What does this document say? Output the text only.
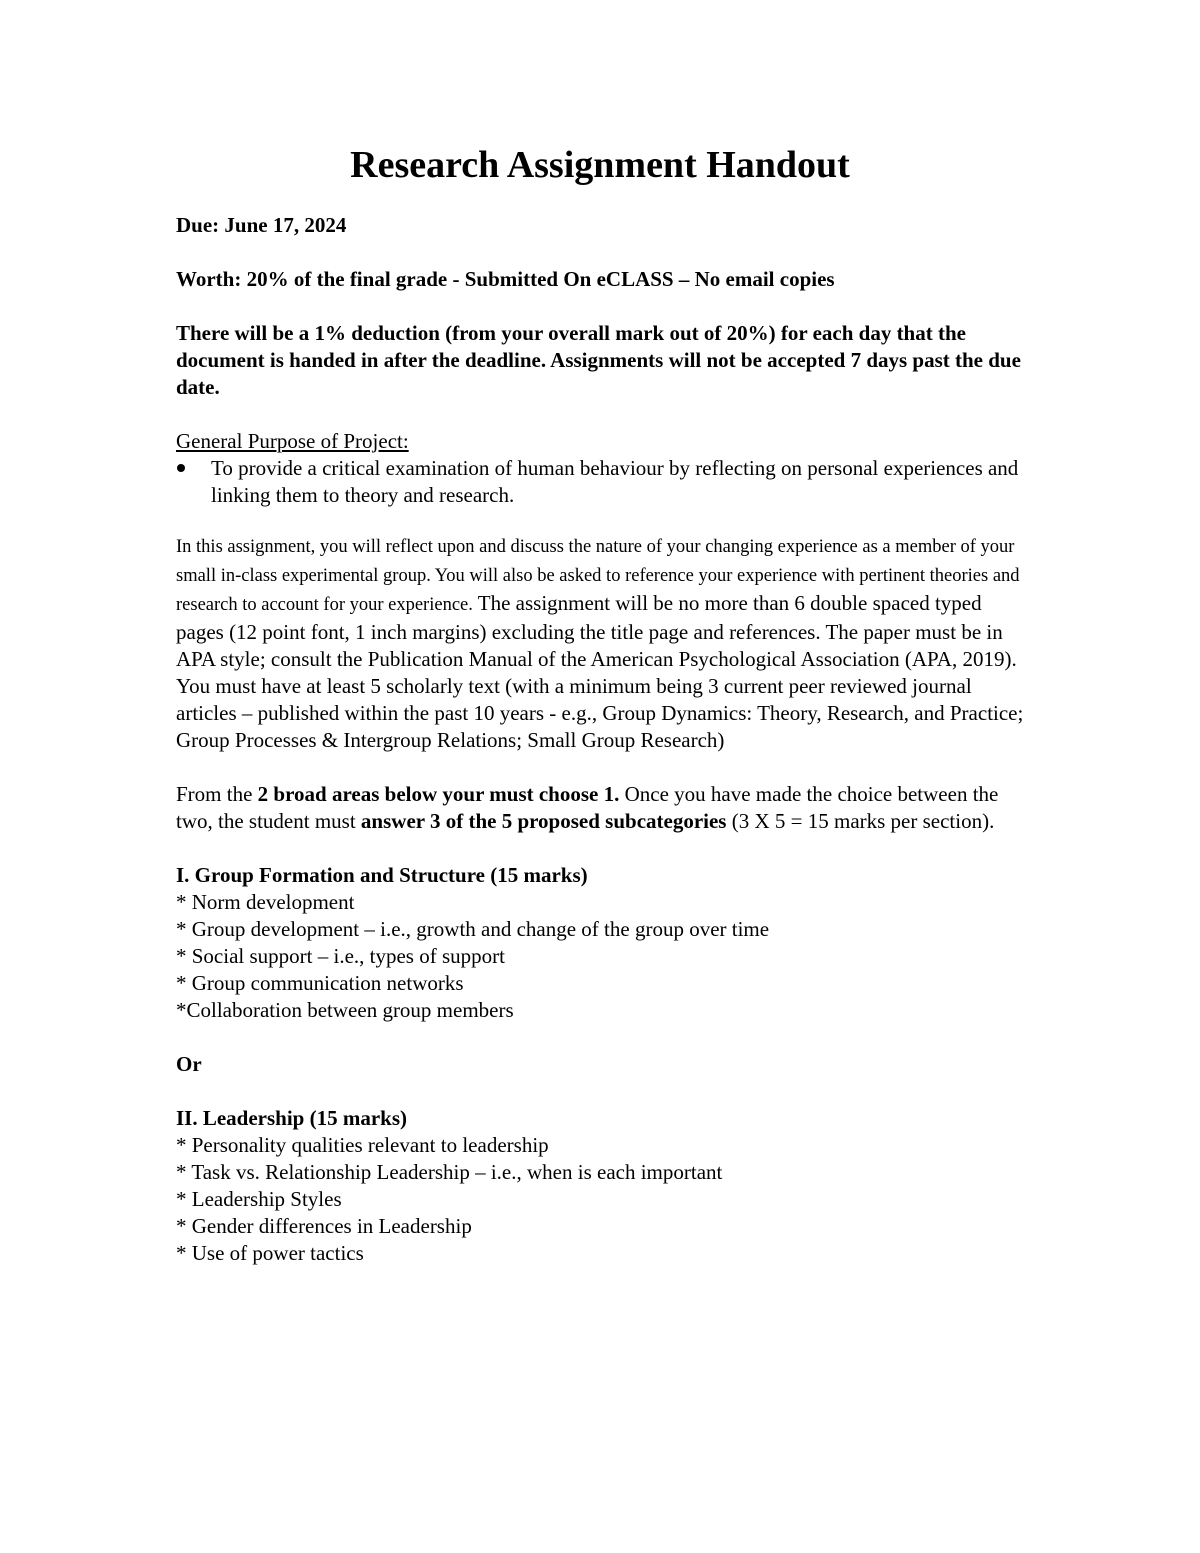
Research Assignment Handout

Due: June 17, 2024

Worth: 20% of the final grade - Submitted On eCLASS – No email copies

There will be a 1% deduction (from your overall mark out of 20%) for each day that the document is handed in after the deadline. Assignments will not be accepted 7 days past the due date.

General Purpose of Project:

To provide a critical examination of human behaviour by reflecting on personal experiences and linking them to theory and research.

In this assignment, you will reflect upon and discuss the nature of your changing experience as a member of your small in-class experimental group. You will also be asked to reference your experience with pertinent theories and research to account for your experience. The assignment will be no more than 6 double spaced typed pages (12 point font, 1 inch margins) excluding the title page and references. The paper must be in APA style; consult the Publication Manual of the American Psychological Association (APA, 2019). You must have at least 5 scholarly text (with a minimum being 3 current peer reviewed journal articles – published within the past 10 years - e.g., Group Dynamics: Theory, Research, and Practice; Group Processes & Intergroup Relations; Small Group Research)

From the 2 broad areas below your must choose 1. Once you have made the choice between the two, the student must answer 3 of the 5 proposed subcategories (3 X 5 = 15 marks per section).

I. Group Formation and Structure (15 marks)

* Norm development

* Group development – i.e., growth and change of the group over time

* Social support – i.e., types of support

* Group communication networks

*Collaboration between group members

Or

II. Leadership (15 marks)

* Personality qualities relevant to leadership

* Task vs. Relationship Leadership – i.e., when is each important

* Leadership Styles

* Gender differences in Leadership

* Use of power tactics
